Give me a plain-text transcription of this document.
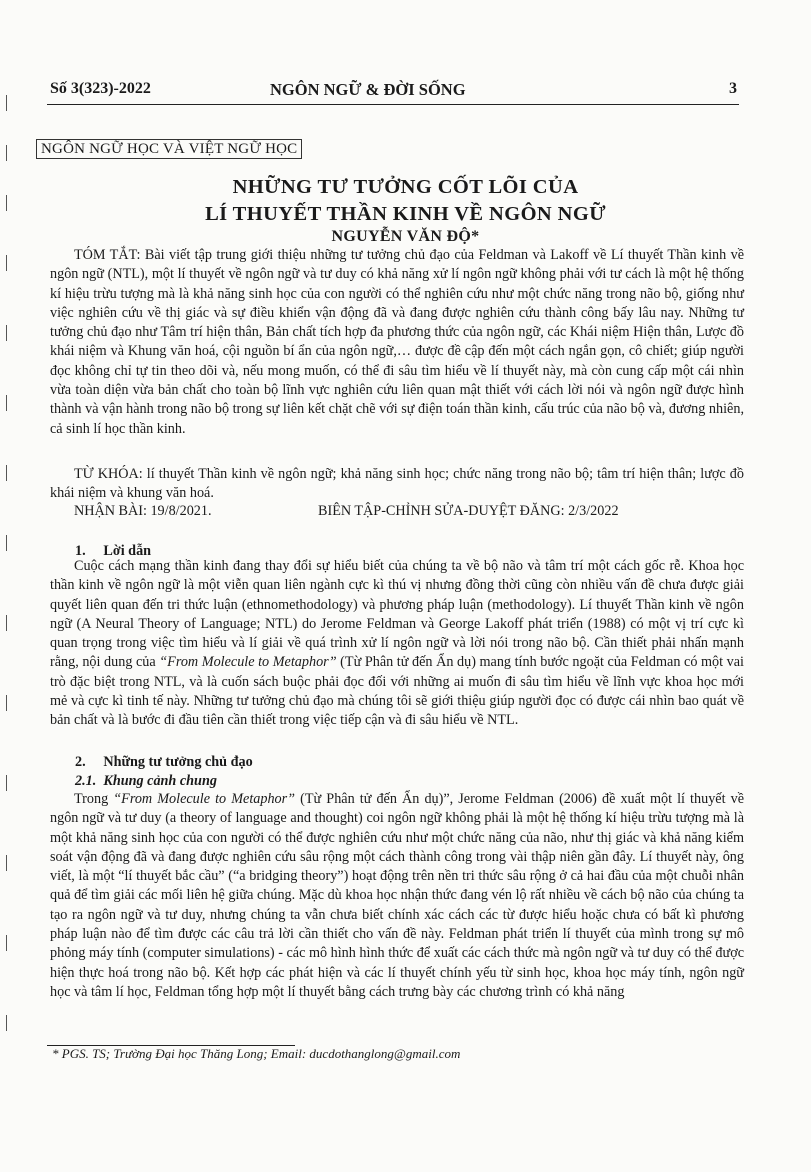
Số 3(323)-2022	NGÔN NGỮ & ĐỜI SỐNG	3
NGÔN NGỮ HỌC VÀ VIỆT NGỮ HỌC
NHỮNG TƯ TƯỞNG CỐT LÕI CỦA
LÍ THUYẾT THẦN KINH VỀ NGÔN NGỮ
NGUYỄN VĂN ĐỘ*

TÓM TẮT: Bài viết tập trung giới thiệu những tư tưởng chủ đạo của Feldman và Lakoff về Lí thuyết Thần kinh về ngôn ngữ (NTL), một lí thuyết về ngôn ngữ và tư duy có khả năng xử lí ngôn ngữ không phải với tư cách là một hệ thống kí hiệu trừu tượng mà là khả năng sinh học của con người có thể nghiên cứu như một chức năng trong não bộ, giống như việc nghiên cứu về thị giác và sự điều khiển vận động đã và đang được nghiên cứu thành công bấy lâu nay. Những tư tưởng chủ đạo như Tâm trí hiện thân, Bản chất tích hợp đa phương thức của ngôn ngữ, các Khái niệm Hiện thân, Lược đồ khái niệm và Khung văn hoá, cội nguồn bí ẩn của ngôn ngữ,… được đề cập đến một cách ngắn gọn, cô chiết; giúp người đọc không chỉ tự tin theo dõi và, nếu mong muốn, có thể đi sâu tìm hiểu về lí thuyết này, mà còn cung cấp một cái nhìn vừa toàn diện vừa bản chất cho toàn bộ lĩnh vực nghiên cứu liên quan mật thiết với cách lời nói và ngôn ngữ được hình thành và vận hành trong não bộ trong sự liên kết chặt chẽ với sự điện toán thần kinh, cấu trúc của não bộ và, đương nhiên, cả sinh lí học thần kinh.

TỪ KHÓA: lí thuyết Thần kinh về ngôn ngữ; khả năng sinh học; chức năng trong não bộ; tâm trí hiện thân; lược đồ khái niệm và khung văn hoá.

NHẬN BÀI: 19/8/2021.	BIÊN TẬP-CHỈNH SỬA-DUYỆT ĐĂNG: 2/3/2022
1.     Lời dẫn

Cuộc cách mạng thần kinh đang thay đổi sự hiểu biết của chúng ta về bộ não và tâm trí một cách gốc rễ. Khoa học thần kinh về ngôn ngữ là một viễn quan liên ngành cực kì thú vị nhưng đồng thời cũng còn nhiều vấn đề chưa được giải quyết liên quan đến tri thức luận (ethnomethodology) và phương pháp luận (methodology). Lí thuyết Thần kinh về ngôn ngữ (A Neural Theory of Language; NTL) do Jerome Feldman và George Lakoff phát triển (1988) có một vị trí cực kì quan trọng trong việc tìm hiểu và lí giải về quá trình xử lí ngôn ngữ và lời nói trong não bộ. Cần thiết phải nhấn mạnh rằng, nội dung của “From Molecule to Metaphor” (Từ Phân tử đến Ẩn dụ) mang tính bước ngoặt của Feldman có một vai trò đặc biệt trong NTL, và là cuốn sách buộc phải đọc đối với những ai muốn đi sâu tìm hiểu về lĩnh vực khoa học mới mẻ và cực kì tinh tế này. Những tư tưởng chủ đạo mà chúng tôi sẽ giới thiệu giúp người đọc có được cái nhìn bao quát về bản chất và là bước đi đầu tiên cần thiết trong việc tiếp cận và đi sâu hiểu về NTL.

2.     Những tư tưởng chủ đạo
2.1.  Khung cảnh chung

Trong “From Molecule to Metaphor” (Từ Phân tử đến Ẩn dụ)”, Jerome Feldman (2006) đề xuất một lí thuyết về ngôn ngữ và tư duy (a theory of language and thought) coi ngôn ngữ không phải là một hệ thống kí hiệu trừu tượng mà là một khả năng sinh học của con người có thể được nghiên cứu như một chức năng của não, như thị giác và khả năng kiểm soát vận động đã và đang được nghiên cứu sâu rộng một cách thành công trong vài thập niên gần đây. Lí thuyết này, ông viết, là một “lí thuyết bắc cầu” (“a bridging theory”) hoạt động trên nền tri thức sâu rộng ở cả hai đầu của một chuỗi nhân quả để tìm giải các mối liên hệ giữa chúng. Mặc dù khoa học nhận thức đang vén lộ rất nhiều về cách bộ não của chúng ta tạo ra ngôn ngữ và tư duy, nhưng chúng ta vẫn chưa biết chính xác cách các từ được hiểu hoặc chưa có bất kì phương pháp luận nào để tìm được các câu trả lời cần thiết cho vấn đề này. Feldman phát triển lí thuyết của mình trong sự mô phỏng máy tính (computer simulations) - các mô hình hình thức để xuất các cách thức mà ngôn ngữ và tư duy có thể được hiện thực hoá trong não bộ. Kết hợp các phát hiện và các lí thuyết chính yếu từ sinh học, khoa học máy tính, ngôn ngữ học và tâm lí học, Feldman tổng hợp một lí thuyết bằng cách trưng bày các chương trình có khả năng

* PGS. TS; Trường Đại học Thăng Long; Email: ducdothanglong@gmail.com
